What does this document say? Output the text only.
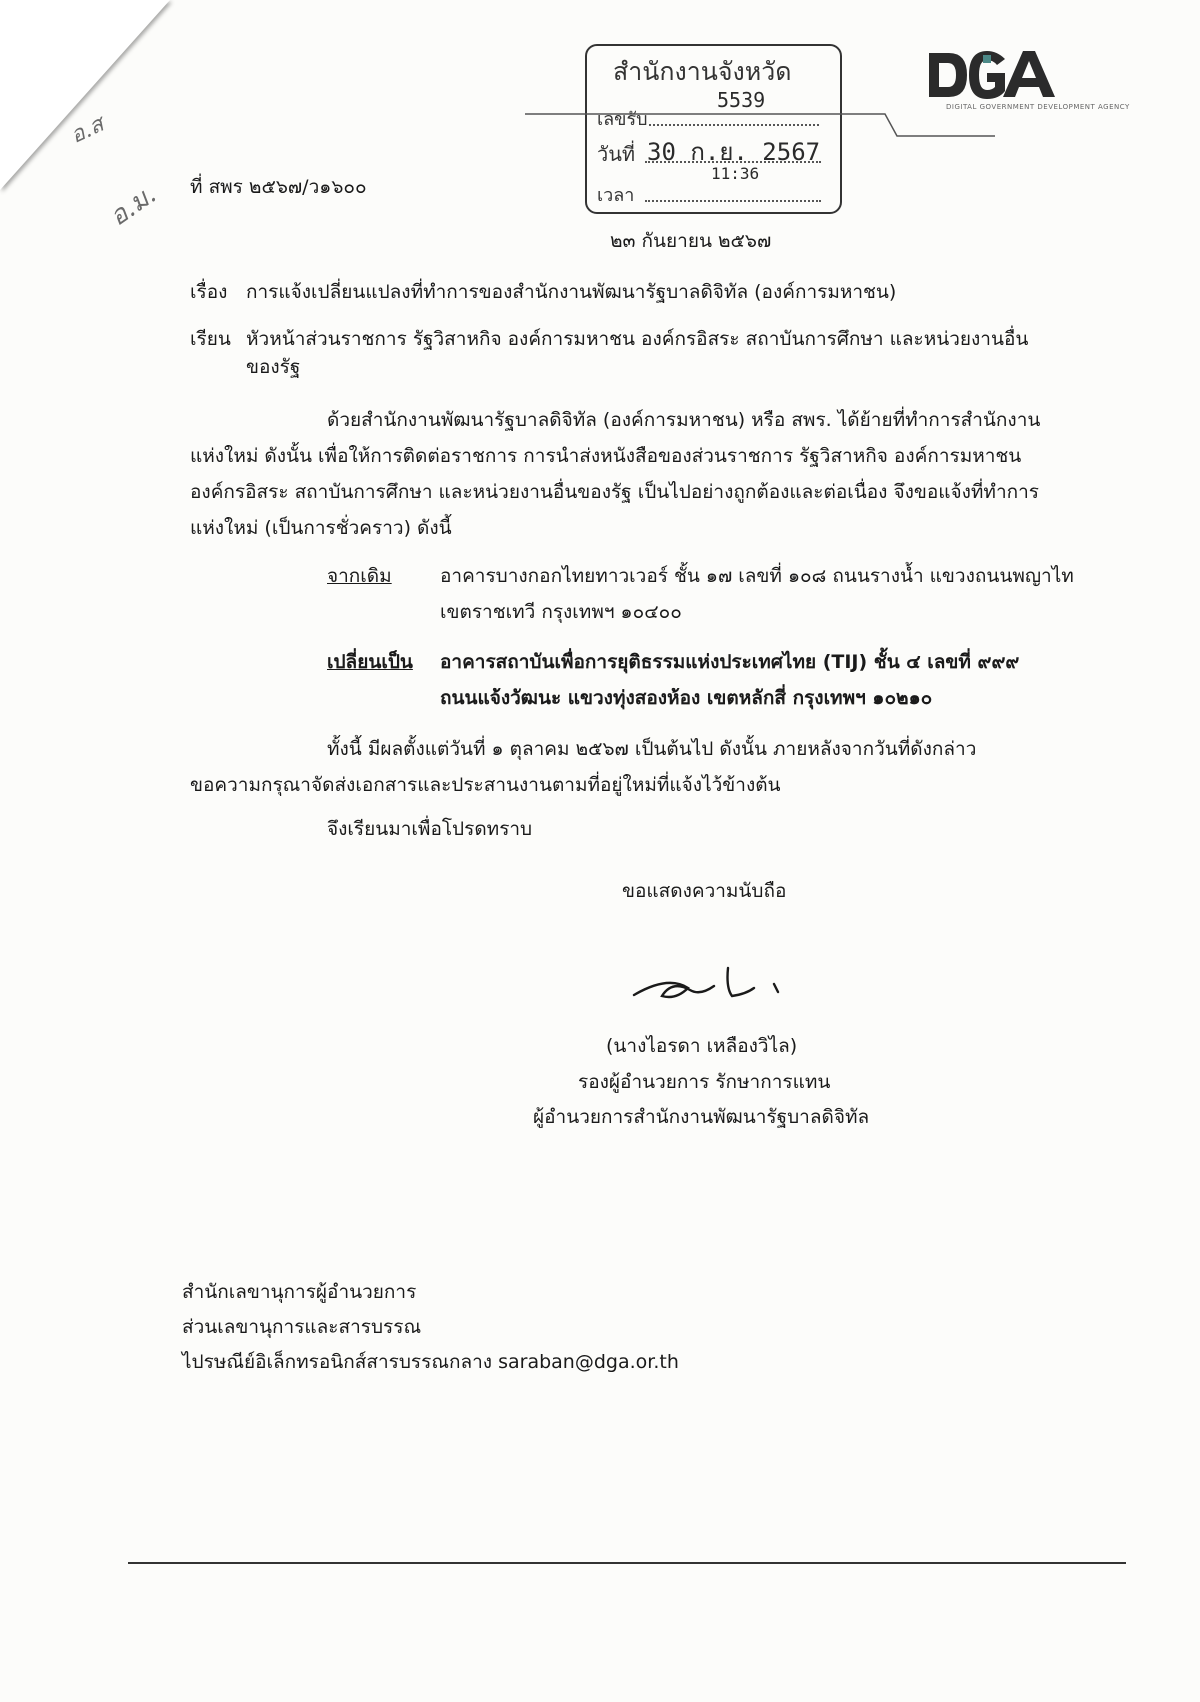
อ.ส
อ.ม.
สำนักงานจังหวัด
เลขรับ
5539
วันที่ 30 ก.ย. 2567
เวลา
11:36
DIGITAL GOVERNMENT DEVELOPMENT AGENCY
ที่ สพร ๒๕๖๗/ว๑๖๐๐
๒๓ กันยายน ๒๕๖๗
เรื่อง การแจ้งเปลี่ยนแปลงที่ทำการของสำนักงานพัฒนารัฐบาลดิจิทัล (องค์การมหาชน)
เรียน หัวหน้าส่วนราชการ รัฐวิสาหกิจ องค์การมหาชน องค์กรอิสระ สถาบันการศึกษา และหน่วยงานอื่น
ของรัฐ
ด้วยสำนักงานพัฒนารัฐบาลดิจิทัล (องค์การมหาชน) หรือ สพร. ได้ย้ายที่ทำการสำนักงาน
แห่งใหม่ ดังนั้น เพื่อให้การติดต่อราชการ การนำส่งหนังสือของส่วนราชการ รัฐวิสาหกิจ องค์การมหาชน
องค์กรอิสระ สถาบันการศึกษา และหน่วยงานอื่นของรัฐ เป็นไปอย่างถูกต้องและต่อเนื่อง จึงขอแจ้งที่ทำการ
แห่งใหม่ (เป็นการชั่วคราว) ดังนี้
จากเดิม	อาคารบางกอกไทยทาวเวอร์ ชั้น ๑๗ เลขที่ ๑๐๘ ถนนรางน้ำ แขวงถนนพญาไท
เขตราชเทวี กรุงเทพฯ ๑๐๔๐๐
เปลี่ยนเป็น อาคารสถาบันเพื่อการยุติธรรมแห่งประเทศไทย (TIJ) ชั้น ๔ เลขที่ ๙๙๙
ถนนแจ้งวัฒนะ แขวงทุ่งสองห้อง เขตหลักสี่ กรุงเทพฯ ๑๐๒๑๐
ทั้งนี้ มีผลตั้งแต่วันที่ ๑ ตุลาคม ๒๕๖๗ เป็นต้นไป ดังนั้น ภายหลังจากวันที่ดังกล่าว
ขอความกรุณาจัดส่งเอกสารและประสานงานตามที่อยู่ใหม่ที่แจ้งไว้ข้างต้น
จึงเรียนมาเพื่อโปรดทราบ
ขอแสดงความนับถือ
(นางไอรดา เหลืองวิไล)
รองผู้อำนวยการ รักษาการแทน
ผู้อำนวยการสำนักงานพัฒนารัฐบาลดิจิทัล
สำนักเลขานุการผู้อำนวยการ
ส่วนเลขานุการและสารบรรณ
ไปรษณีย์อิเล็กทรอนิกส์สารบรรณกลาง saraban@dga.or.th
